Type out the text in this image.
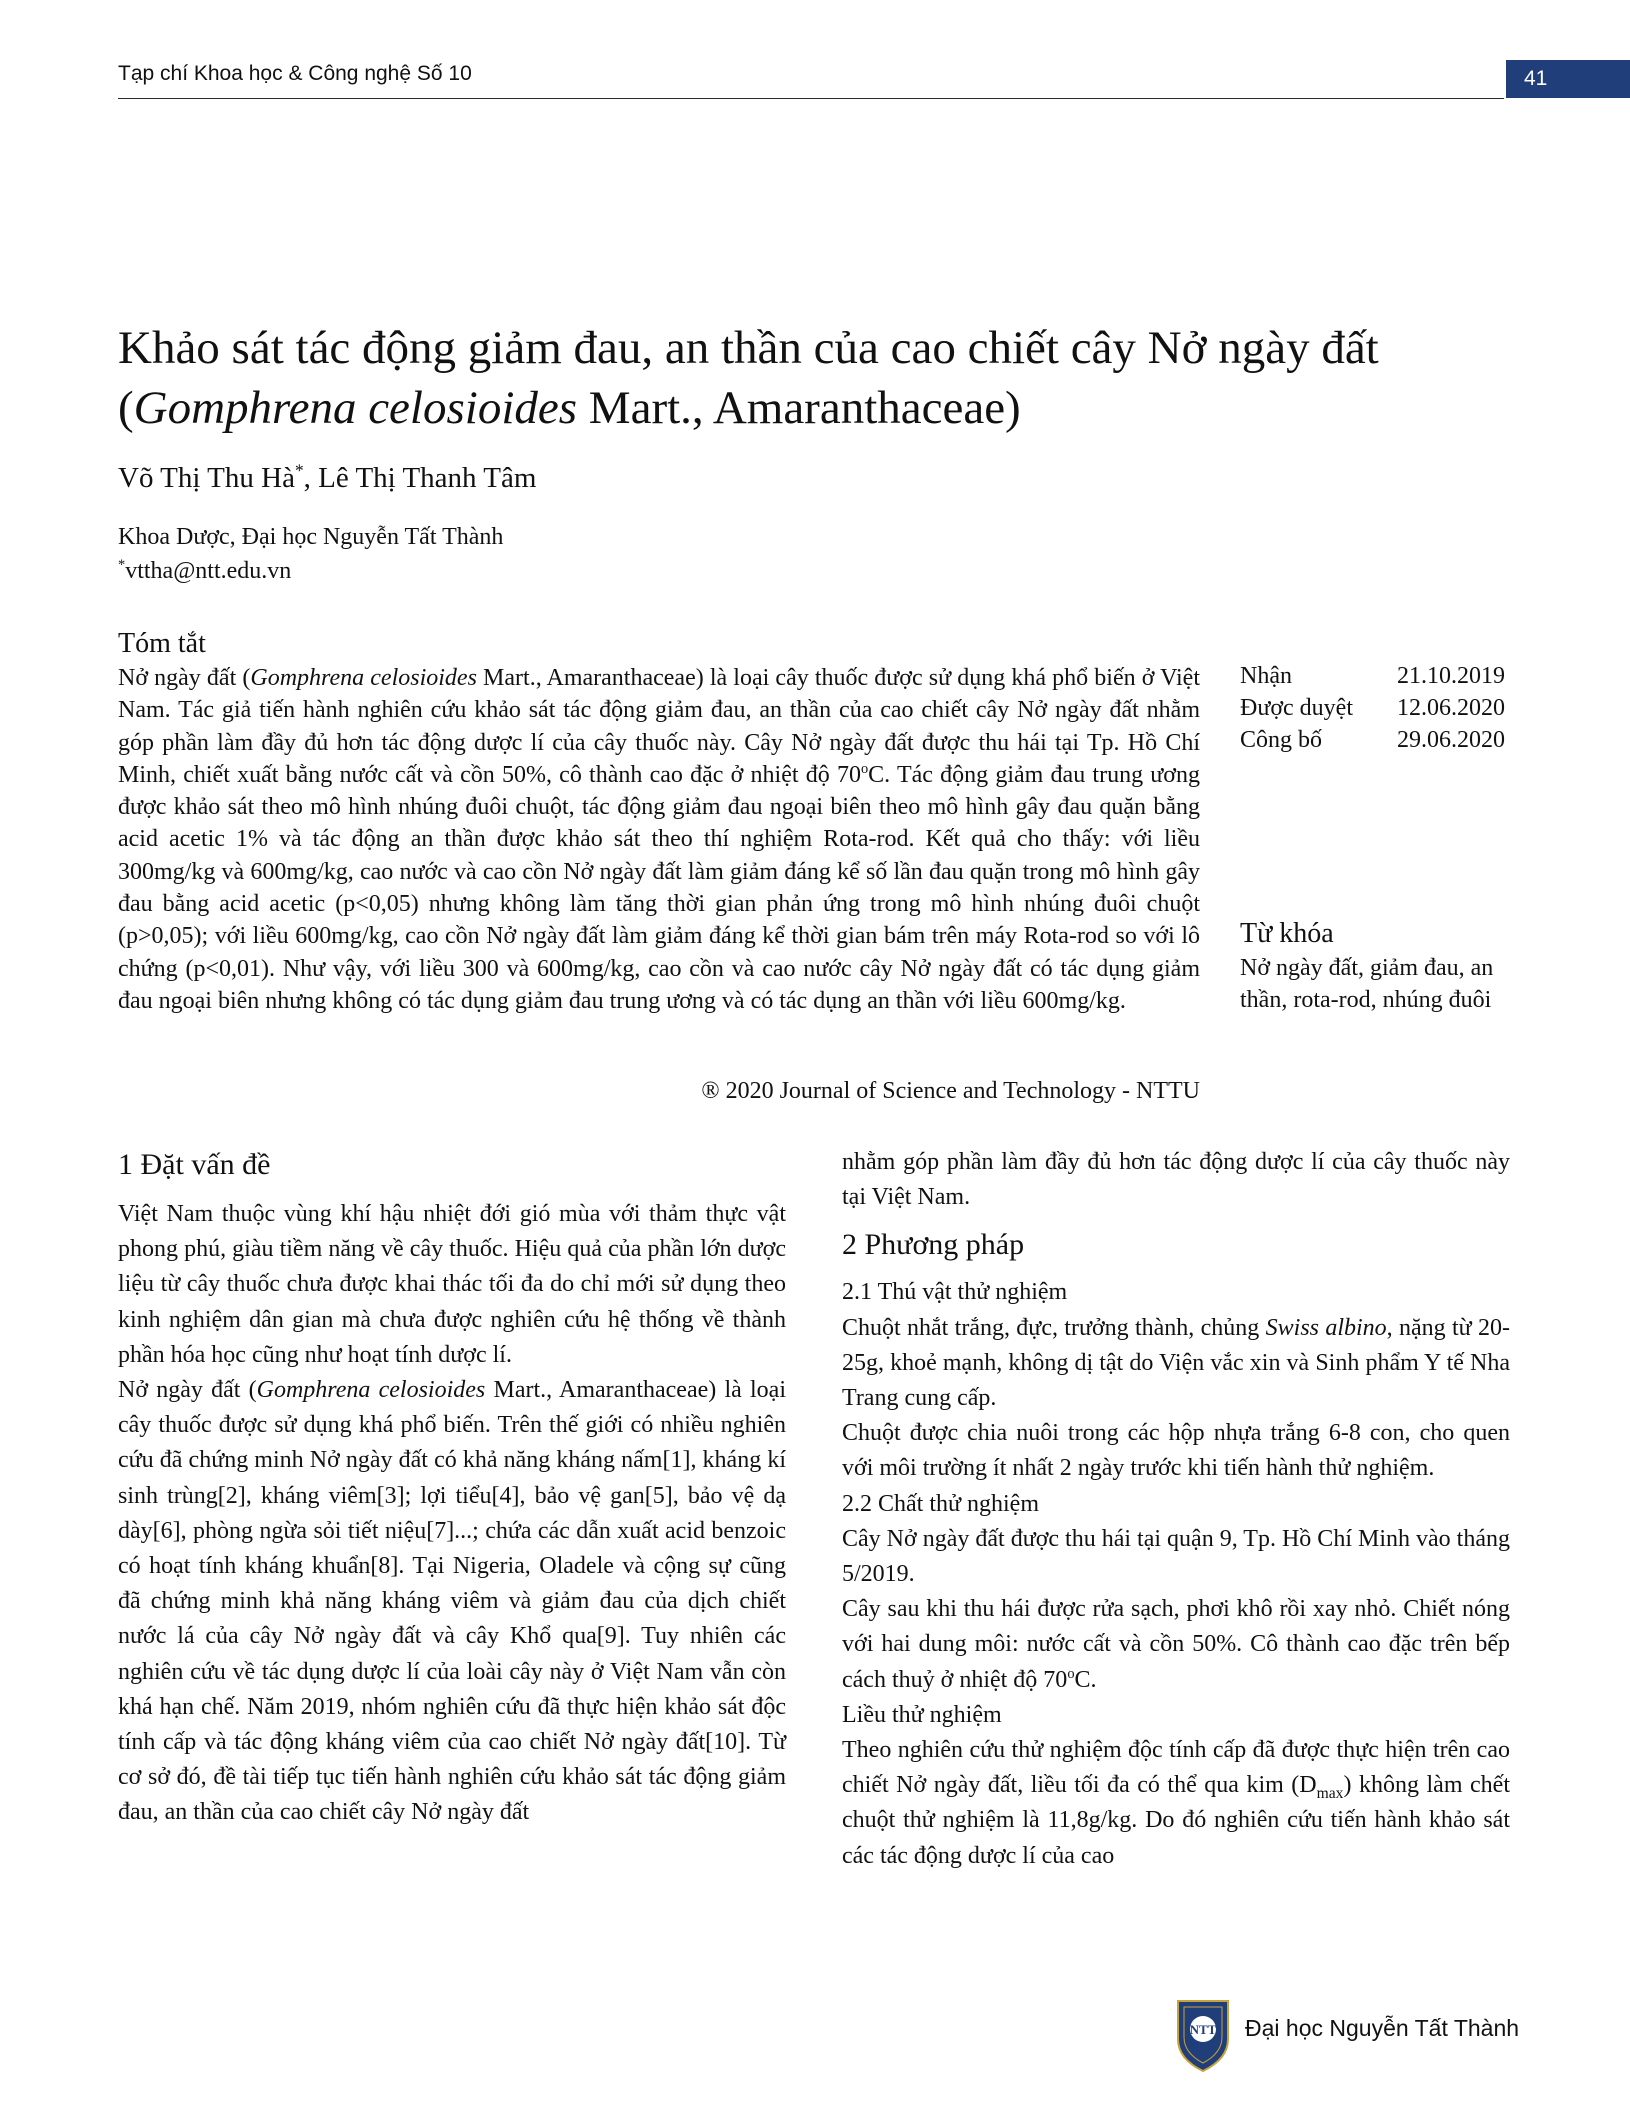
Tạp chí Khoa học & Công nghệ Số 10	41
Khảo sát tác động giảm đau, an thần của cao chiết cây Nở ngày đất
(Gomphrena celosioides Mart., Amaranthaceae)
Võ Thị Thu Hà*, Lê Thị Thanh Tâm
Khoa Dược, Đại học Nguyễn Tất Thành
*vttha@ntt.edu.vn
Tóm tắt

Nở ngày đất (Gomphrena celosioides Mart., Amaranthaceae) là loại cây thuốc được sử dụng khá phổ biến ở Việt Nam. Tác giả tiến hành nghiên cứu khảo sát tác động giảm đau, an thần của cao chiết cây Nở ngày đất nhằm góp phần làm đầy đủ hơn tác động dược lí của cây thuốc này. Cây Nở ngày đất được thu hái tại Tp. Hồ Chí Minh, chiết xuất bằng nước cất và cồn 50%, cô thành cao đặc ở nhiệt độ 70$^o$C. Tác động giảm đau trung ương được khảo sát theo mô hình nhúng đuôi chuột, tác động giảm đau ngoại biên theo mô hình gây đau quặn bằng acid acetic 1% và tác động an thần được khảo sát theo thí nghiệm Rota-rod. Kết quả cho thấy: với liều 300mg/kg và 600mg/kg, cao nước và cao cồn Nở ngày đất làm giảm đáng kể số lần đau quặn trong mô hình gây đau bằng acid acetic (p<0,05) nhưng không làm tăng thời gian phản ứng trong mô hình nhúng đuôi chuột (p>0,05); với liều 600mg/kg, cao cồn Nở ngày đất làm giảm đáng kể thời gian bám trên máy Rota-rod so với lô chứng (p<0,01). Như vậy, với liều 300 và 600mg/kg, cao cồn và cao nước cây Nở ngày đất có tác dụng giảm đau ngoại biên nhưng không có tác dụng giảm đau trung ương và có tác dụng an thần với liều 600mg/kg.

® 2020 Journal of Science and Technology - NTTU
Nhận	21.10.2019
Được duyệt 12.06.2020
Công bố	29.06.2020
Từ khóa
Nở ngày đất, giảm đau, an thần, rota-rod, nhúng đuôi
1 Đặt vấn đề

Việt Nam thuộc vùng khí hậu nhiệt đới gió mùa với thảm thực vật phong phú, giàu tiềm năng về cây thuốc. Hiệu quả của phần lớn dược liệu từ cây thuốc chưa được khai thác tối đa do chỉ mới sử dụng theo kinh nghiệm dân gian mà chưa được nghiên cứu hệ thống về thành phần hóa học cũng như hoạt tính dược lí.

Nở ngày đất (Gomphrena celosioides Mart., Amaranthaceae) là loại cây thuốc được sử dụng khá phổ biến. Trên thế giới có nhiều nghiên cứu đã chứng minh Nở ngày đất có khả năng kháng nấm[1], kháng kí sinh trùng[2], kháng viêm[3]; lợi tiểu[4], bảo vệ gan[5], bảo vệ dạ dày[6], phòng ngừa sỏi tiết niệu[7]...; chứa các dẫn xuất acid benzoic có hoạt tính kháng khuẩn[8]. Tại Nigeria, Oladele và cộng sự cũng đã chứng minh khả năng kháng viêm và giảm đau của dịch chiết nước lá của cây Nở ngày đất và cây Khổ qua[9]. Tuy nhiên các nghiên cứu về tác dụng dược lí của loài cây này ở Việt Nam vẫn còn khá hạn chế. Năm 2019, nhóm nghiên cứu đã thực hiện khảo sát độc tính cấp và tác động kháng viêm của cao chiết Nở ngày đất[10]. Từ cơ sở đó, đề tài tiếp tục tiến hành nghiên cứu khảo sát tác động giảm đau, an thần của cao chiết cây Nở ngày đất

nhằm góp phần làm đầy đủ hơn tác động dược lí của cây thuốc này tại Việt Nam.

2 Phương pháp
2.1 Thú vật thử nghiệm

Chuột nhắt trắng, đực, trưởng thành, chủng Swiss albino, nặng từ 20-25g, khoẻ mạnh, không dị tật do Viện vắc xin và Sinh phẩm Y tế Nha Trang cung cấp.

Chuột được chia nuôi trong các hộp nhựa trắng 6-8 con, cho quen với môi trường ít nhất 2 ngày trước khi tiến hành thử nghiệm.

2.2 Chất thử nghiệm

Cây Nở ngày đất được thu hái tại quận 9, Tp. Hồ Chí Minh vào tháng 5/2019.

Cây sau khi thu hái được rửa sạch, phơi khô rồi xay nhỏ. Chiết nóng với hai dung môi: nước cất và cồn 50%. Cô thành cao đặc trên bếp cách thuỷ ở nhiệt độ 70$^o$C.

Liều thử nghiệm

Theo nghiên cứu thử nghiệm độc tính cấp đã được thực hiện trên cao chiết Nở ngày đất, liều tối đa có thể qua kim $(D_{max})$ không làm chết chuột thử nghiệm là 11,8g/kg. Do đó nghiên cứu tiến hành khảo sát các tác động dược lí của cao

NTT Đại học Nguyễn Tất Thành
